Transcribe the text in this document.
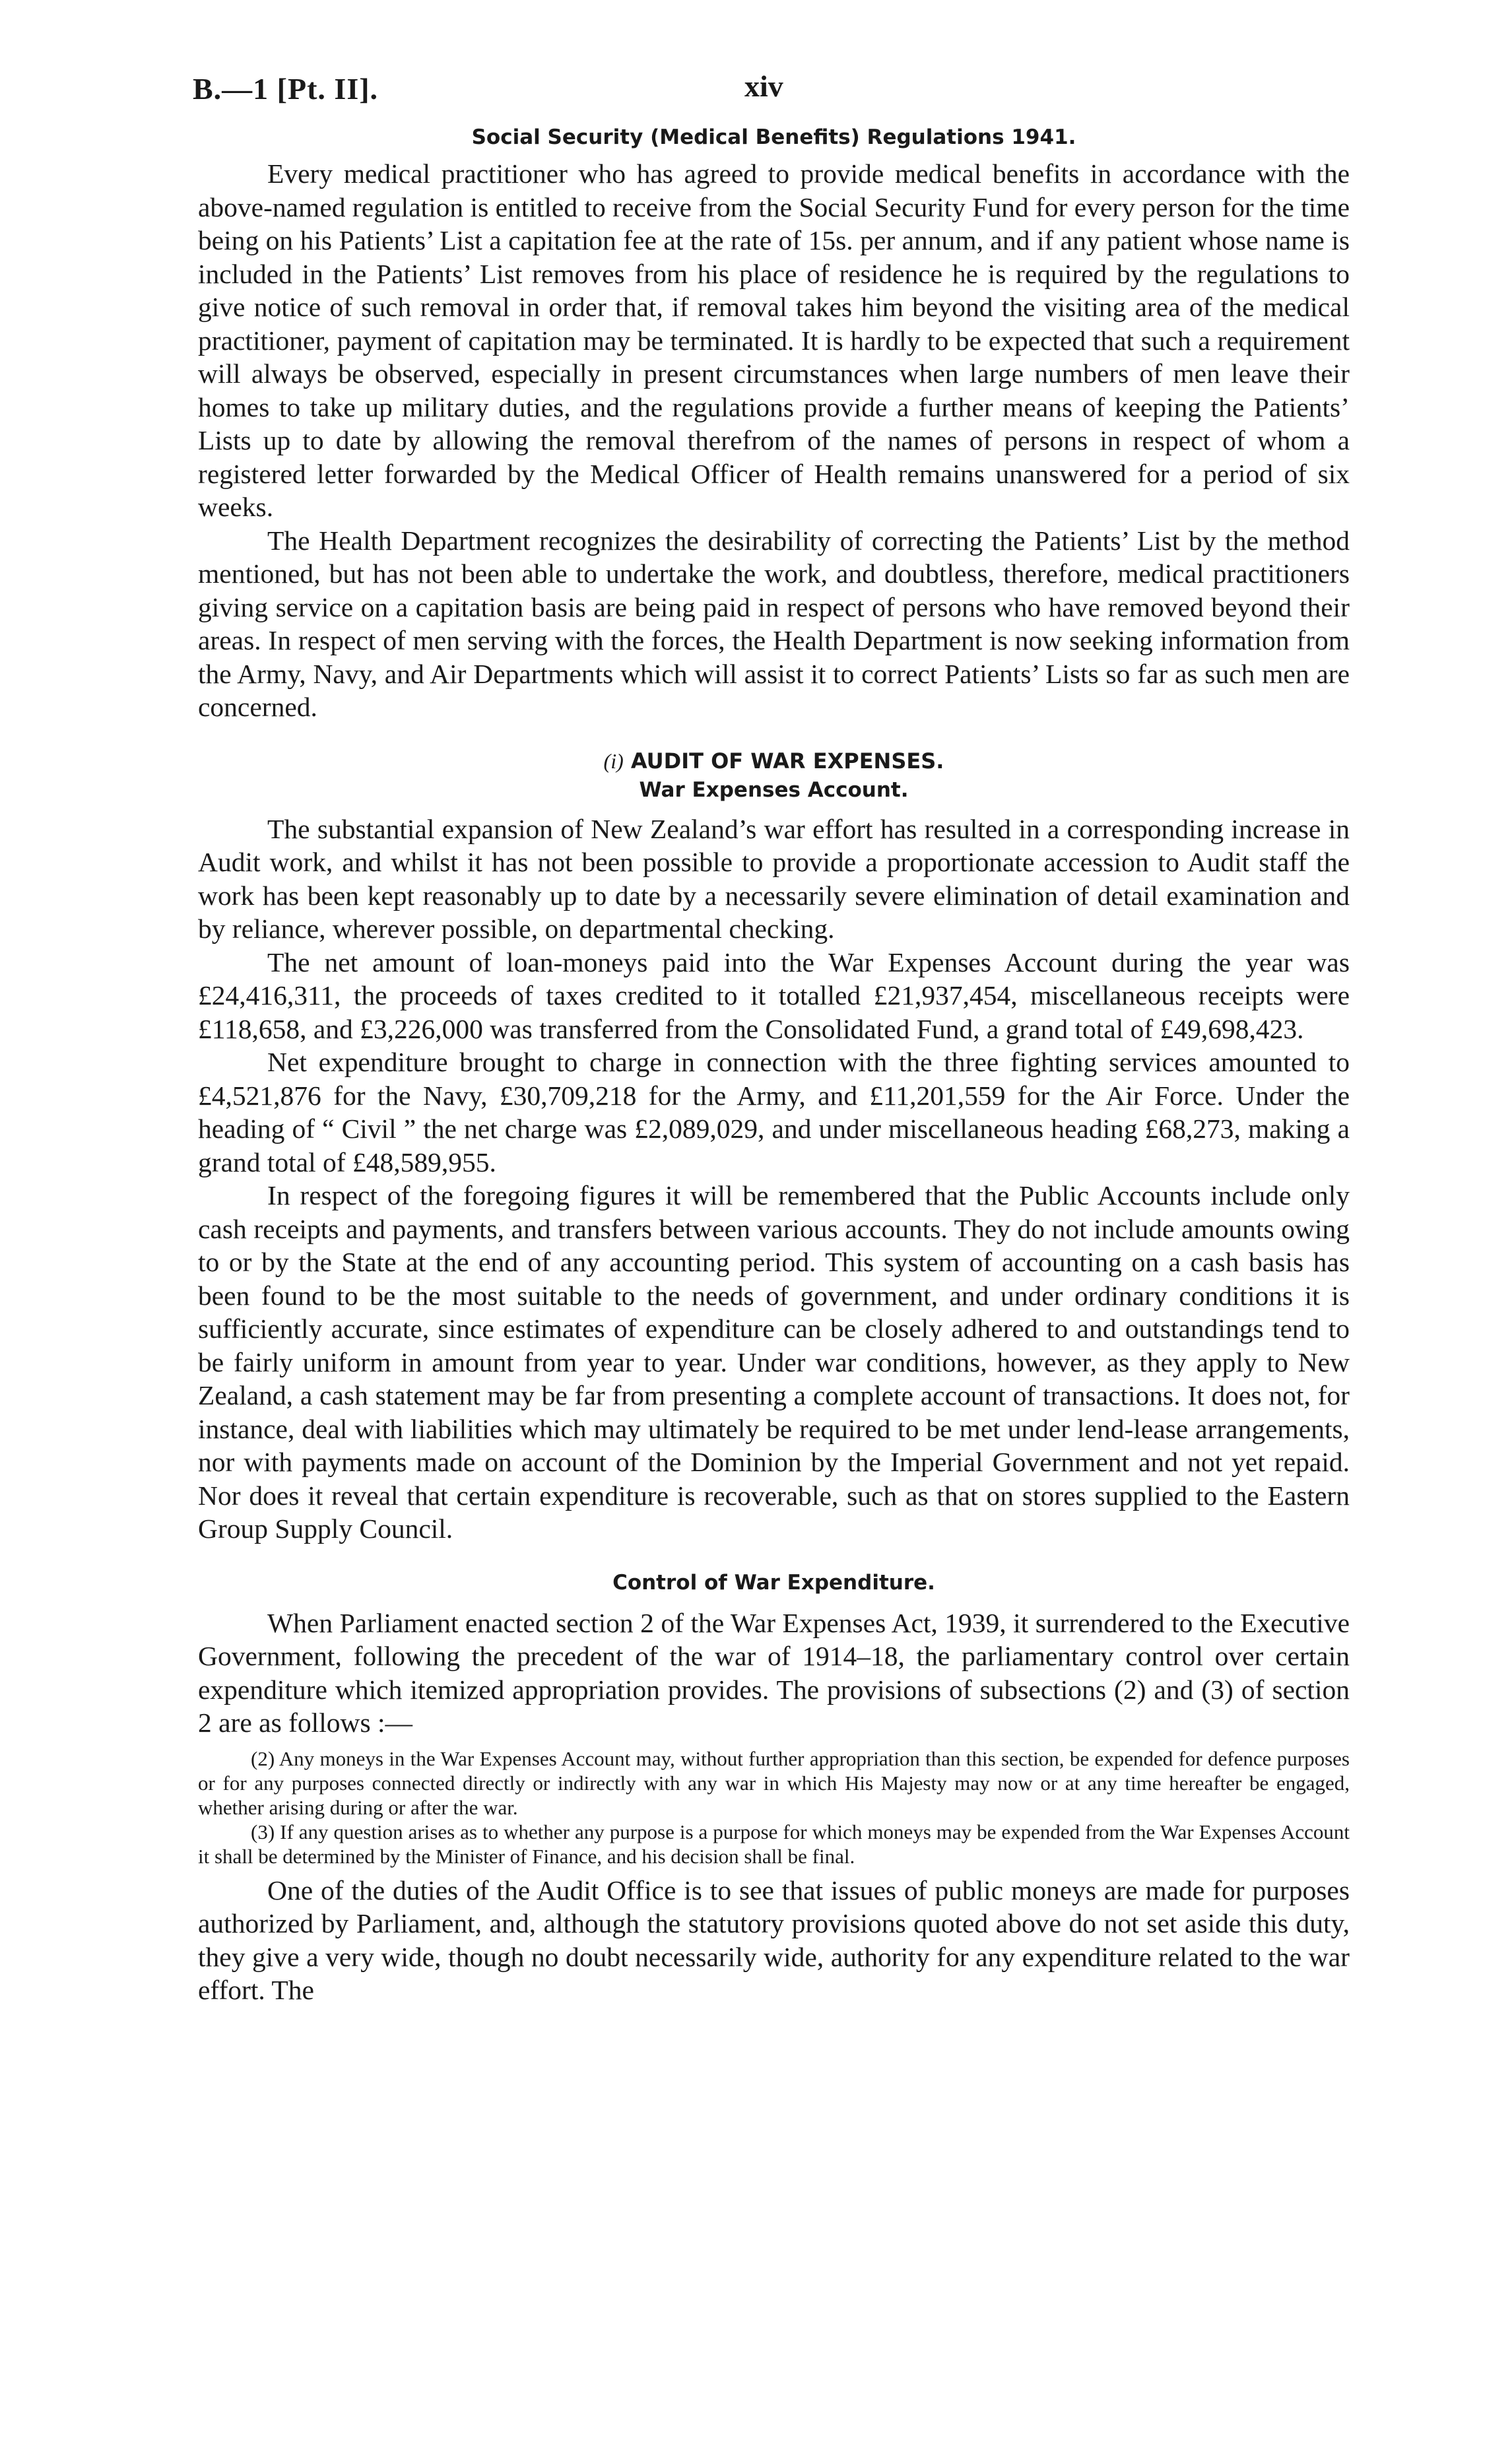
B.—1 [Pt. II].	xiv
Social Security (Medical Benefits) Regulations 1941.

Every medical practitioner who has agreed to provide medical benefits in accordance with the above-named regulation is entitled to receive from the Social Security Fund for every person for the time being on his Patients’ List a capitation fee at the rate of 15s. per annum, and if any patient whose name is included in the Patients’ List removes from his place of residence he is required by the regulations to give notice of such removal in order that, if removal takes him beyond the visiting area of the medical practitioner, payment of capitation may be terminated. It is hardly to be expected that such a requirement will always be observed, especially in present circumstances when large numbers of men leave their homes to take up military duties, and the regulations provide a further means of keeping the Patients’ Lists up to date by allowing the removal therefrom of the names of persons in respect of whom a registered letter forwarded by the Medical Officer of Health remains unanswered for a period of six weeks.

The Health Department recognizes the desirability of correcting the Patients’ List by the method mentioned, but has not been able to undertake the work, and doubtless, therefore, medical practitioners giving service on a capitation basis are being paid in respect of persons who have removed beyond their areas. In respect of men serving with the forces, the Health Department is now seeking information from the Army, Navy, and Air Departments which will assist it to correct Patients’ Lists so far as such men are concerned.

(i) AUDIT OF WAR EXPENSES.
War Expenses Account.

The substantial expansion of New Zealand’s war effort has resulted in a corresponding increase in Audit work, and whilst it has not been possible to provide a proportionate accession to Audit staff the work has been kept reasonably up to date by a necessarily severe elimination of detail examination and by reliance, wherever possible, on departmental checking.

The net amount of loan-moneys paid into the War Expenses Account during the year was £24,416,311, the proceeds of taxes credited to it totalled £21,937,454, miscellaneous receipts were £118,658, and £3,226,000 was transferred from the Consolidated Fund, a grand total of £49,698,423.

Net expenditure brought to charge in connection with the three fighting services amounted to £4,521,876 for the Navy, £30,709,218 for the Army, and £11,201,559 for the Air Force. Under the heading of “ Civil ” the net charge was £2,089,029, and under miscellaneous heading £68,273, making a grand total of £48,589,955.

In respect of the foregoing figures it will be remembered that the Public Accounts include only cash receipts and payments, and transfers between various accounts. They do not include amounts owing to or by the State at the end of any accounting period. This system of accounting on a cash basis has been found to be the most suitable to the needs of government, and under ordinary conditions it is sufficiently accurate, since estimates of expenditure can be closely adhered to and outstandings tend to be fairly uniform in amount from year to year. Under war conditions, however, as they apply to New Zealand, a cash statement may be far from presenting a complete account of transactions. It does not, for instance, deal with liabilities which may ultimately be required to be met under lend-lease arrangements, nor with payments made on account of the Dominion by the Imperial Government and not yet repaid. Nor does it reveal that certain expenditure is recoverable, such as that on stores supplied to the Eastern Group Supply Council.

Control of War Expenditure.

When Parliament enacted section 2 of the War Expenses Act, 1939, it surrendered to the Executive Government, following the precedent of the war of 1914–18, the parliamentary control over certain expenditure which itemized appropriation provides. The provisions of subsections (2) and (3) of section 2 are as follows :—

(2) Any moneys in the War Expenses Account may, without further appropriation than this section, be expended for defence purposes or for any purposes connected directly or indirectly with any war in which His Majesty may now or at any time hereafter be engaged, whether arising during or after the war.

(3) If any question arises as to whether any purpose is a purpose for which moneys may be expended from the War Expenses Account it shall be determined by the Minister of Finance, and his decision shall be final.

One of the duties of the Audit Office is to see that issues of public moneys are made for purposes authorized by Parliament, and, although the statutory provisions quoted above do not set aside this duty, they give a very wide, though no doubt necessarily wide, authority for any expenditure related to the war effort. The
